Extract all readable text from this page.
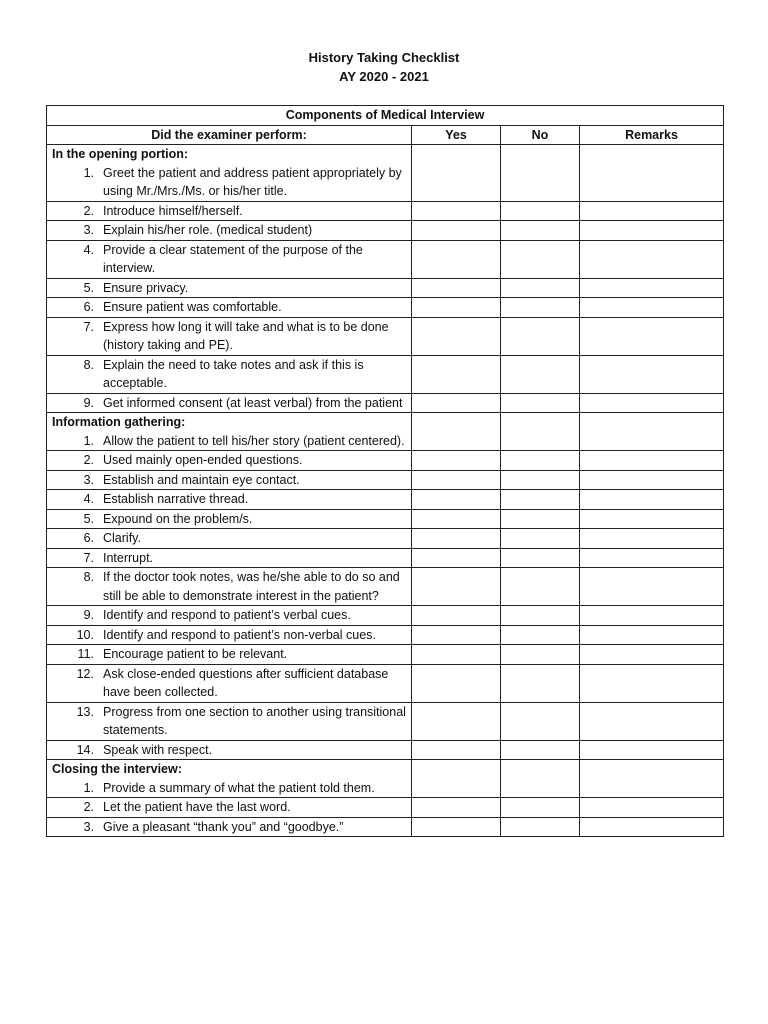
History Taking Checklist
AY 2020 - 2021
Components of Medical Interview			
Did the examiner perform:	Yes	No	Remarks

In the opening portion:
1. Greet the patient and address patient appropriately by using Mr./Mrs./Ms. or his/her title.			

2. Introduce himself/herself.			

3. Explain his/her role. (medical student)			

4. Provide a clear statement of the purpose of the interview.			

5. Ensure privacy.			

6. Ensure patient was comfortable.			

7. Express how long it will take and what is to be done (history taking and PE).			

8. Explain the need to take notes and ask if this is acceptable.			

9. Get informed consent (at least verbal) from the patient			

Information gathering:
1. Allow the patient to tell his/her story (patient centered).			

2. Used mainly open-ended questions.			

3. Establish and maintain eye contact.			

4. Establish narrative thread.			

5. Expound on the problem/s.			

6. Clarify.			

7. Interrupt.			

8. If the doctor took notes, was he/she able to do so and still be able to demonstrate interest in the patient?			

9. Identify and respond to patient’s verbal cues.			

10. Identify and respond to patient’s non-verbal cues.			

11. Encourage patient to be relevant.			

12. Ask close-ended questions after sufficient database have been collected.			

13. Progress from one section to another using transitional statements.			

14. Speak with respect.			

Closing the interview:
1. Provide a summary of what the patient told them.			

2. Let the patient have the last word.			

3. Give a pleasant “thank you” and “goodbye.”			
